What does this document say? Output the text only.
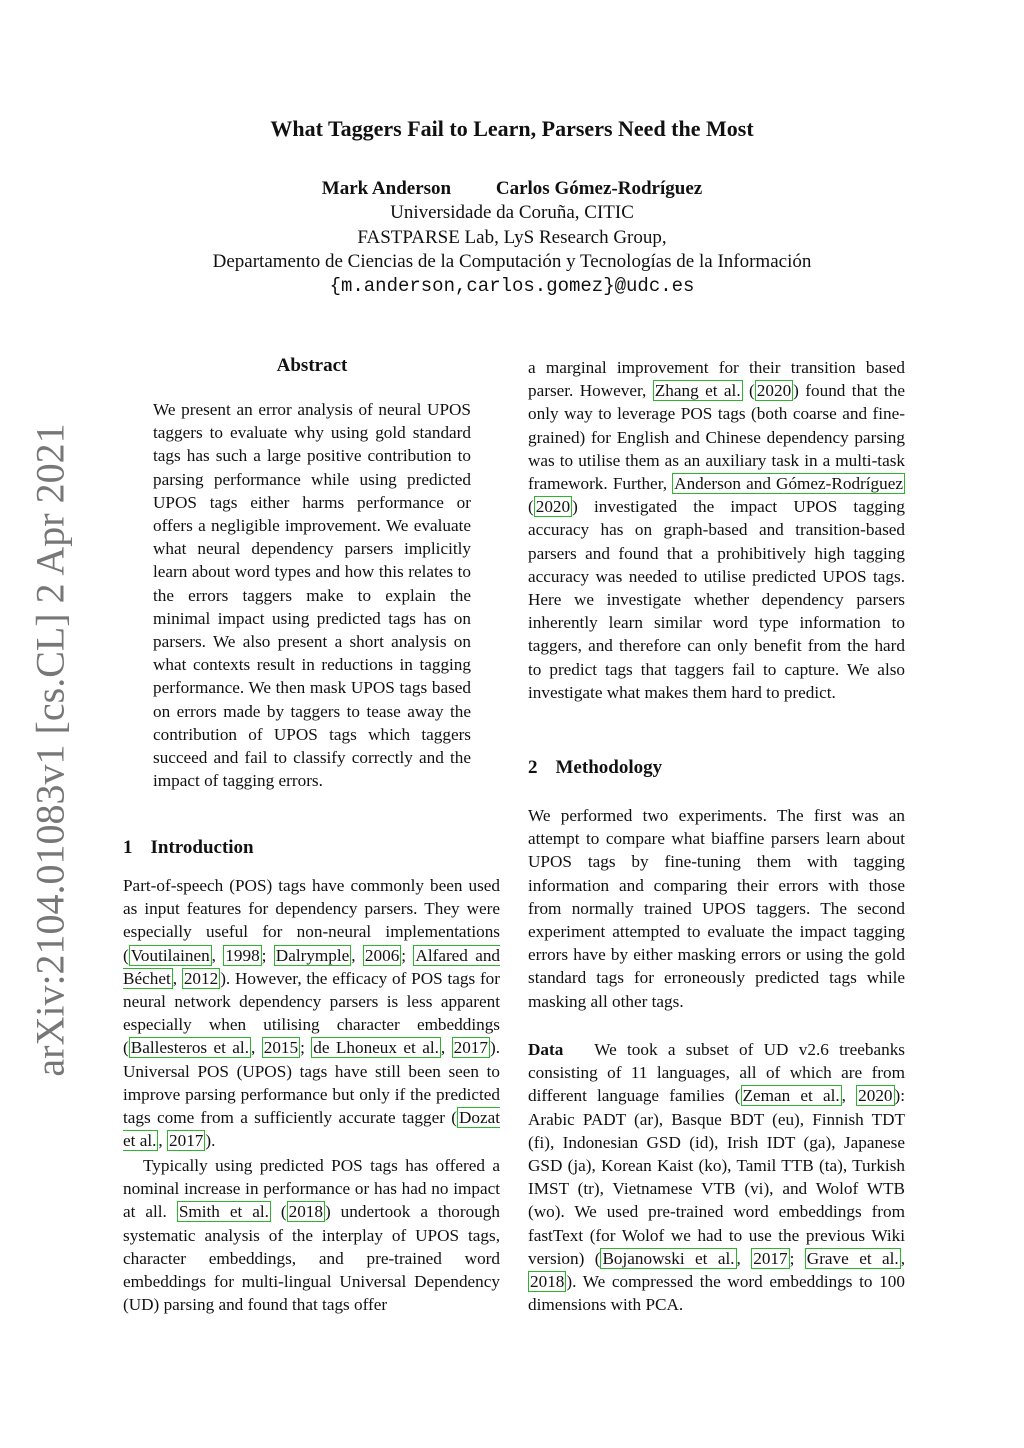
What Taggers Fail to Learn, Parsers Need the Most
Mark Anderson Carlos Gómez-Rodríguez
Universidade da Coruña, CITIC
FASTPARSE Lab, LyS Research Group,
Departamento de Ciencias de la Computación y Tecnologías de la Información
{m.anderson,carlos.gomez}@udc.es
arXiv:2104.01083v1 [cs.CL] 2 Apr 2021
Abstract
We present an error analysis of neural UPOS taggers to evaluate why using gold standard tags has such a large positive contribution to parsing performance while using predicted UPOS tags either harms performance or offers a negligible improvement. We evaluate what neural dependency parsers implicitly learn about word types and how this relates to the errors taggers make to explain the minimal impact using predicted tags has on parsers. We also present a short analysis on what contexts result in reductions in tagging performance. We then mask UPOS tags based on errors made by taggers to tease away the contribution of UPOS tags which taggers succeed and fail to classify correctly and the impact of tagging errors.
1 Introduction
Part-of-speech (POS) tags have commonly been used as input features for dependency parsers. They were especially useful for non-neural implementations ( Voutilainen , 1998 ; Dalrymple , 2006 ; Alfared and Béchet , 2012 ). However, the efficacy of POS tags for neural network dependency parsers is less apparent especially when utilising character embeddings ( Ballesteros et al. , 2015 ; de Lhoneux et al. , 2017 ). Universal POS (UPOS) tags have still been seen to improve parsing performance but only if the predicted tags come from a sufficiently accurate tagger ( Dozat et al. , 2017 ).
Typically using predicted POS tags has offered a nominal increase in performance or has had no impact at all. Smith et al. ( 2018 ) undertook a thorough systematic analysis of the interplay of UPOS tags, character embeddings, and pre-trained word embeddings for multi-lingual Universal Dependency (UD) parsing and found that tags offer
a marginal improvement for their transition based parser. However, Zhang et al. ( 2020 ) found that the only way to leverage POS tags (both coarse and fine-grained) for English and Chinese dependency parsing was to utilise them as an auxiliary task in a multi-task framework. Further, Anderson and Gómez-Rodríguez ( 2020 ) investigated the impact UPOS tagging accuracy has on graph-based and transition-based parsers and found that a prohibitively high tagging accuracy was needed to utilise predicted UPOS tags. Here we investigate whether dependency parsers inherently learn similar word type information to taggers, and therefore can only benefit from the hard to predict tags that taggers fail to capture. We also investigate what makes them hard to predict.
2 Methodology
We performed two experiments. The first was an attempt to compare what biaffine parsers learn about UPOS tags by fine-tuning them with tagging information and comparing their errors with those from normally trained UPOS taggers. The second experiment attempted to evaluate the impact tagging errors have by either masking errors or using the gold standard tags for erroneously predicted tags while masking all other tags.
Data We took a subset of UD v2.6 treebanks consisting of 11 languages, all of which are from different language families ( Zeman et al. , 2020 ): Arabic PADT (ar), Basque BDT (eu), Finnish TDT (fi), Indonesian GSD (id), Irish IDT (ga), Japanese GSD (ja), Korean Kaist (ko), Tamil TTB (ta), Turkish IMST (tr), Vietnamese VTB (vi), and Wolof WTB (wo). We used pre-trained word embeddings from fastText (for Wolof we had to use the previous Wiki version) ( Bojanowski et al. , 2017 ; Grave et al. , 2018 ). We compressed the word embeddings to 100 dimensions with PCA.
